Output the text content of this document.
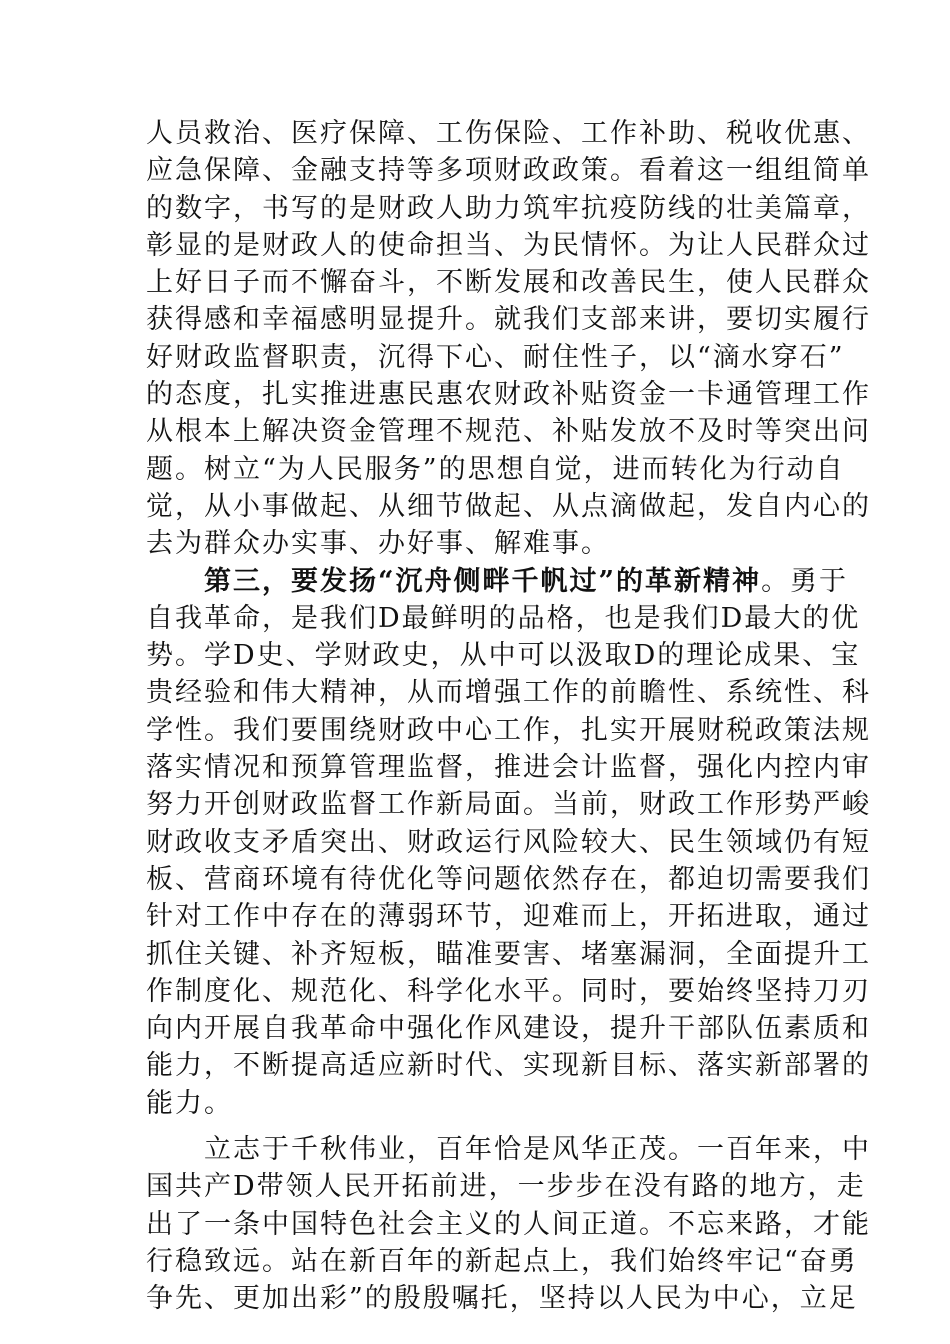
人员救治、医疗保障、工伤保险、工作补助、税收优惠、
应急保障、金融支持等多项财政政策。看着这一组组简单
的数字，书写的是财政人助力筑牢抗疫防线的壮美篇章，
彰显的是财政人的使命担当、为民情怀。为让人民群众过
上好日子而不懈奋斗，不断发展和改善民生，使人民群众
获得感和幸福感明显提升。就我们支部来讲，要切实履行
好财政监督职责，沉得下心、耐住性子，以“滴水穿石”
的态度，扎实推进惠民惠农财政补贴资金一卡通管理工作
从根本上解决资金管理不规范、补贴发放不及时等突出问
题。树立“为人民服务”的思想自觉，进而转化为行动自
觉，从小事做起、从细节做起、从点滴做起，发自内心的
去为群众办实事、办好事、解难事。
第三，要发扬“沉舟侧畔千帆过”的革新精神。勇于
自我革命，是我们D最鲜明的品格，也是我们D最大的优
势。学D史、学财政史，从中可以汲取D的理论成果、宝
贵经验和伟大精神，从而增强工作的前瞻性、系统性、科
学性。我们要围绕财政中心工作，扎实开展财税政策法规
落实情况和预算管理监督，推进会计监督，强化内控内审
努力开创财政监督工作新局面。当前，财政工作形势严峻
财政收支矛盾突出、财政运行风险较大、民生领域仍有短
板、营商环境有待优化等问题依然存在，都迫切需要我们
针对工作中存在的薄弱环节，迎难而上，开拓进取，通过
抓住关键、补齐短板，瞄准要害、堵塞漏洞，全面提升工
作制度化、规范化、科学化水平。同时，要始终坚持刀刃
向内开展自我革命中强化作风建设，提升干部队伍素质和
能力，不断提高适应新时代、实现新目标、落实新部署的
能力。
立志于千秋伟业，百年恰是风华正茂。一百年来，中
国共产D带领人民开拓前进，一步步在没有路的地方，走
出了一条中国特色社会主义的人间正道。不忘来路，才能
行稳致远。站在新百年的新起点上，我们始终牢记“奋勇
争先、更加出彩”的殷殷嘱托，坚持以人民为中心，立足
